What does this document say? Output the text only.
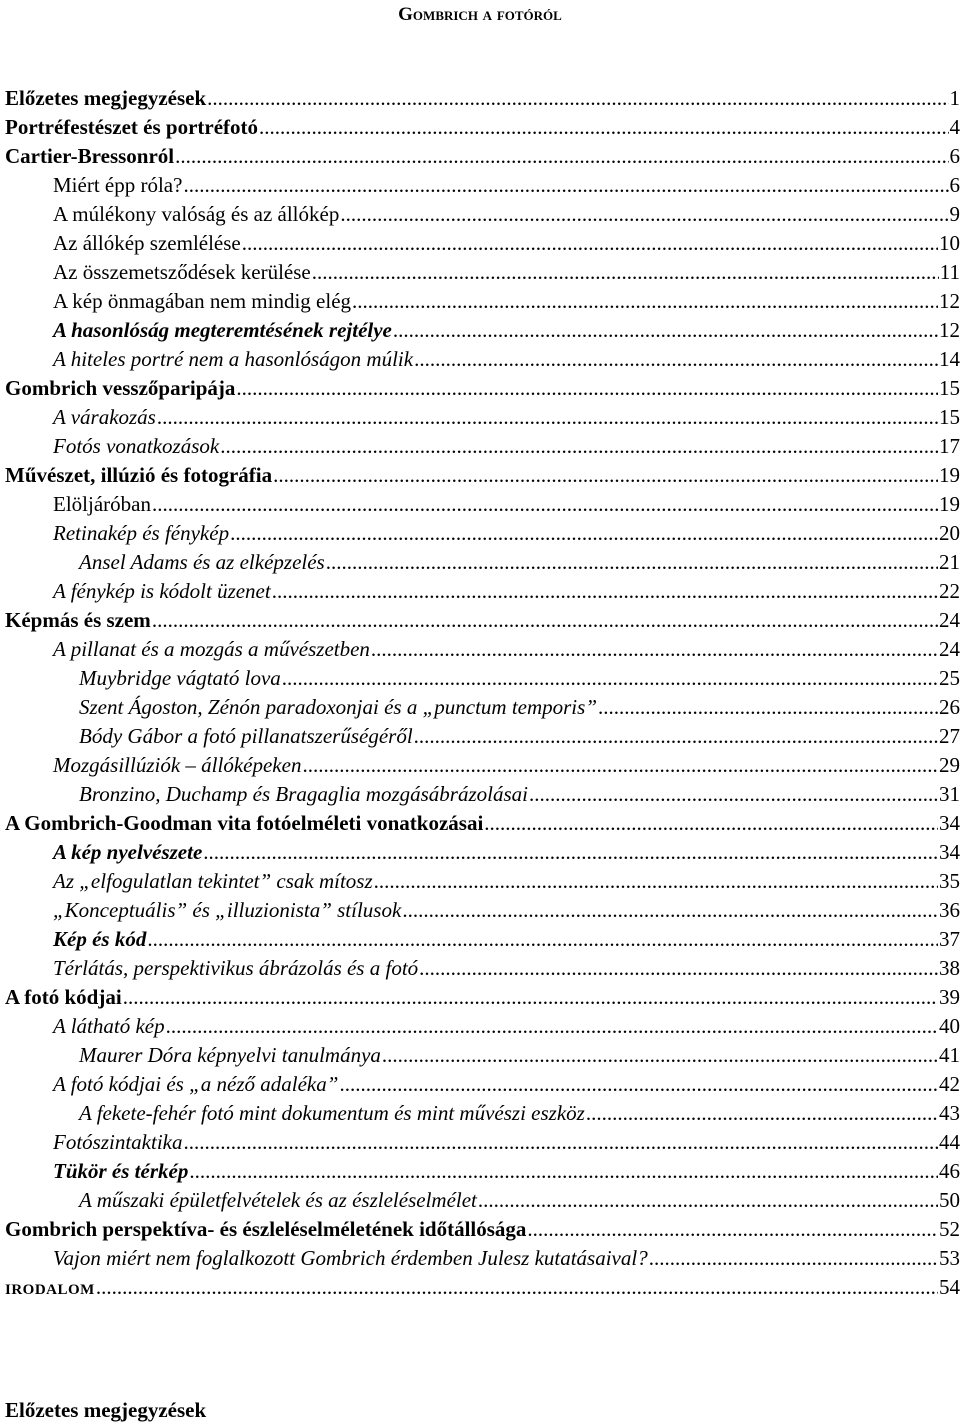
Gombrich a fotóról
Előzetes megjegyzések .....	1
Portréfestészet és portréfotó .....	4
Cartier-Bressonról .....	6
Miért épp róla? .....	6
A múlékony valóság és az állókép .....	9
Az állókép szemlélése .....	10
Az összemetsződések kerülése .....	11
A kép önmagában nem mindig elég .....	12
A hasonlóság megteremtésének rejtélye .....	12
A hiteles portré nem a hasonlóságon múlik .....	14
Gombrich vesszőparipája .....	15
A várakozás .....	15
Fotós vonatkozások .....	17
Művészet, illúzió és fotográfia .....	19
Elöljáróban .....	19
Retinakép és fénykép .....	20
Ansel Adams és az elképzelés .....	21
A fénykép is kódolt üzenet .....	22
Képmás és szem .....	24
A pillanat és a mozgás a művészetben .....	24
Muybridge vágtató lova .....	25
Szent Ágoston, Zénón paradoxonjai és a „punctum temporis” .....	26
Bódy Gábor a fotó pillanatszerűségéről .....	27
Mozgásillúziók – állóképeken .....	29
Bronzino, Duchamp és Bragaglia mozgásábrázolásai .....	31
A Gombrich-Goodman vita fotóelméleti vonatkozásai .....	34
A kép nyelvészete .....	34
Az „elfogulatlan tekintet” csak mítosz .....	35
„Konceptuális” és „illuzionista” stílusok .....	36
Kép és kód .....	37
Térlátás, perspektivikus ábrázolás és a fotó .....	38
A fotó kódjai .....	39
A látható kép .....	40
Maurer Dóra képnyelvi tanulmánya .....	41
A fotó kódjai és „a néző adaléka” .....	42
A fekete-fehér fotó mint dokumentum és mint művészi eszköz .....	43
Fotószintaktika .....	44
Tükör és térkép .....	46
A műszaki épületfelvételek és az észleléselmélet .....	50
Gombrich perspektíva- és észleléselméletének időtállósága .....	52
Vajon miért nem foglalkozott Gombrich érdemben Julesz kutatásaival? .....	53
IRODALOM .....	54
Előzetes megjegyzések
